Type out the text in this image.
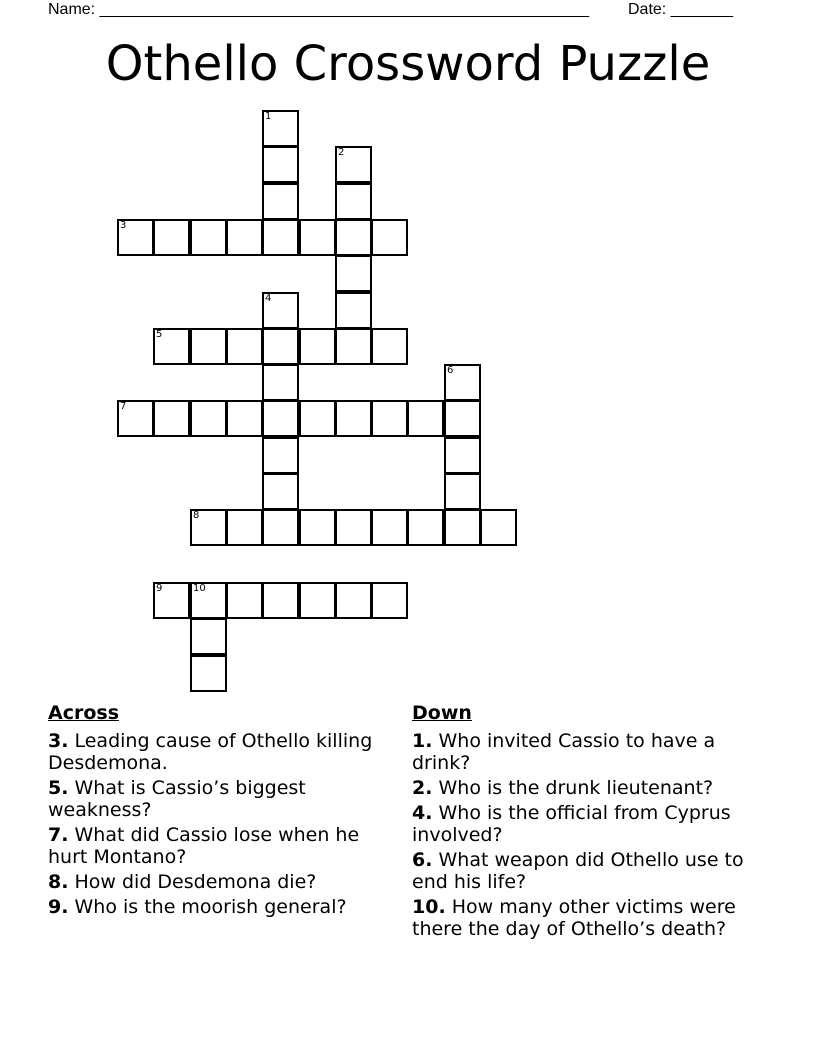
Name: _______________________________________________________ Date: _______
Othello Crossword Puzzle
1
2
3
4
5
6
7
8
9	10
Across
3. Leading cause of Othello killing Desdemona.
5. What is Cassio’s biggest weakness?
7. What did Cassio lose when he hurt Montano?
8. How did Desdemona die?
9. Who is the moorish general?
Down
1. Who invited Cassio to have a drink?
2. Who is the drunk lieutenant?
4. Who is the official from Cyprus involved?
6. What weapon did Othello use to end his life?
10. How many other victims were there the day of Othello’s death?
